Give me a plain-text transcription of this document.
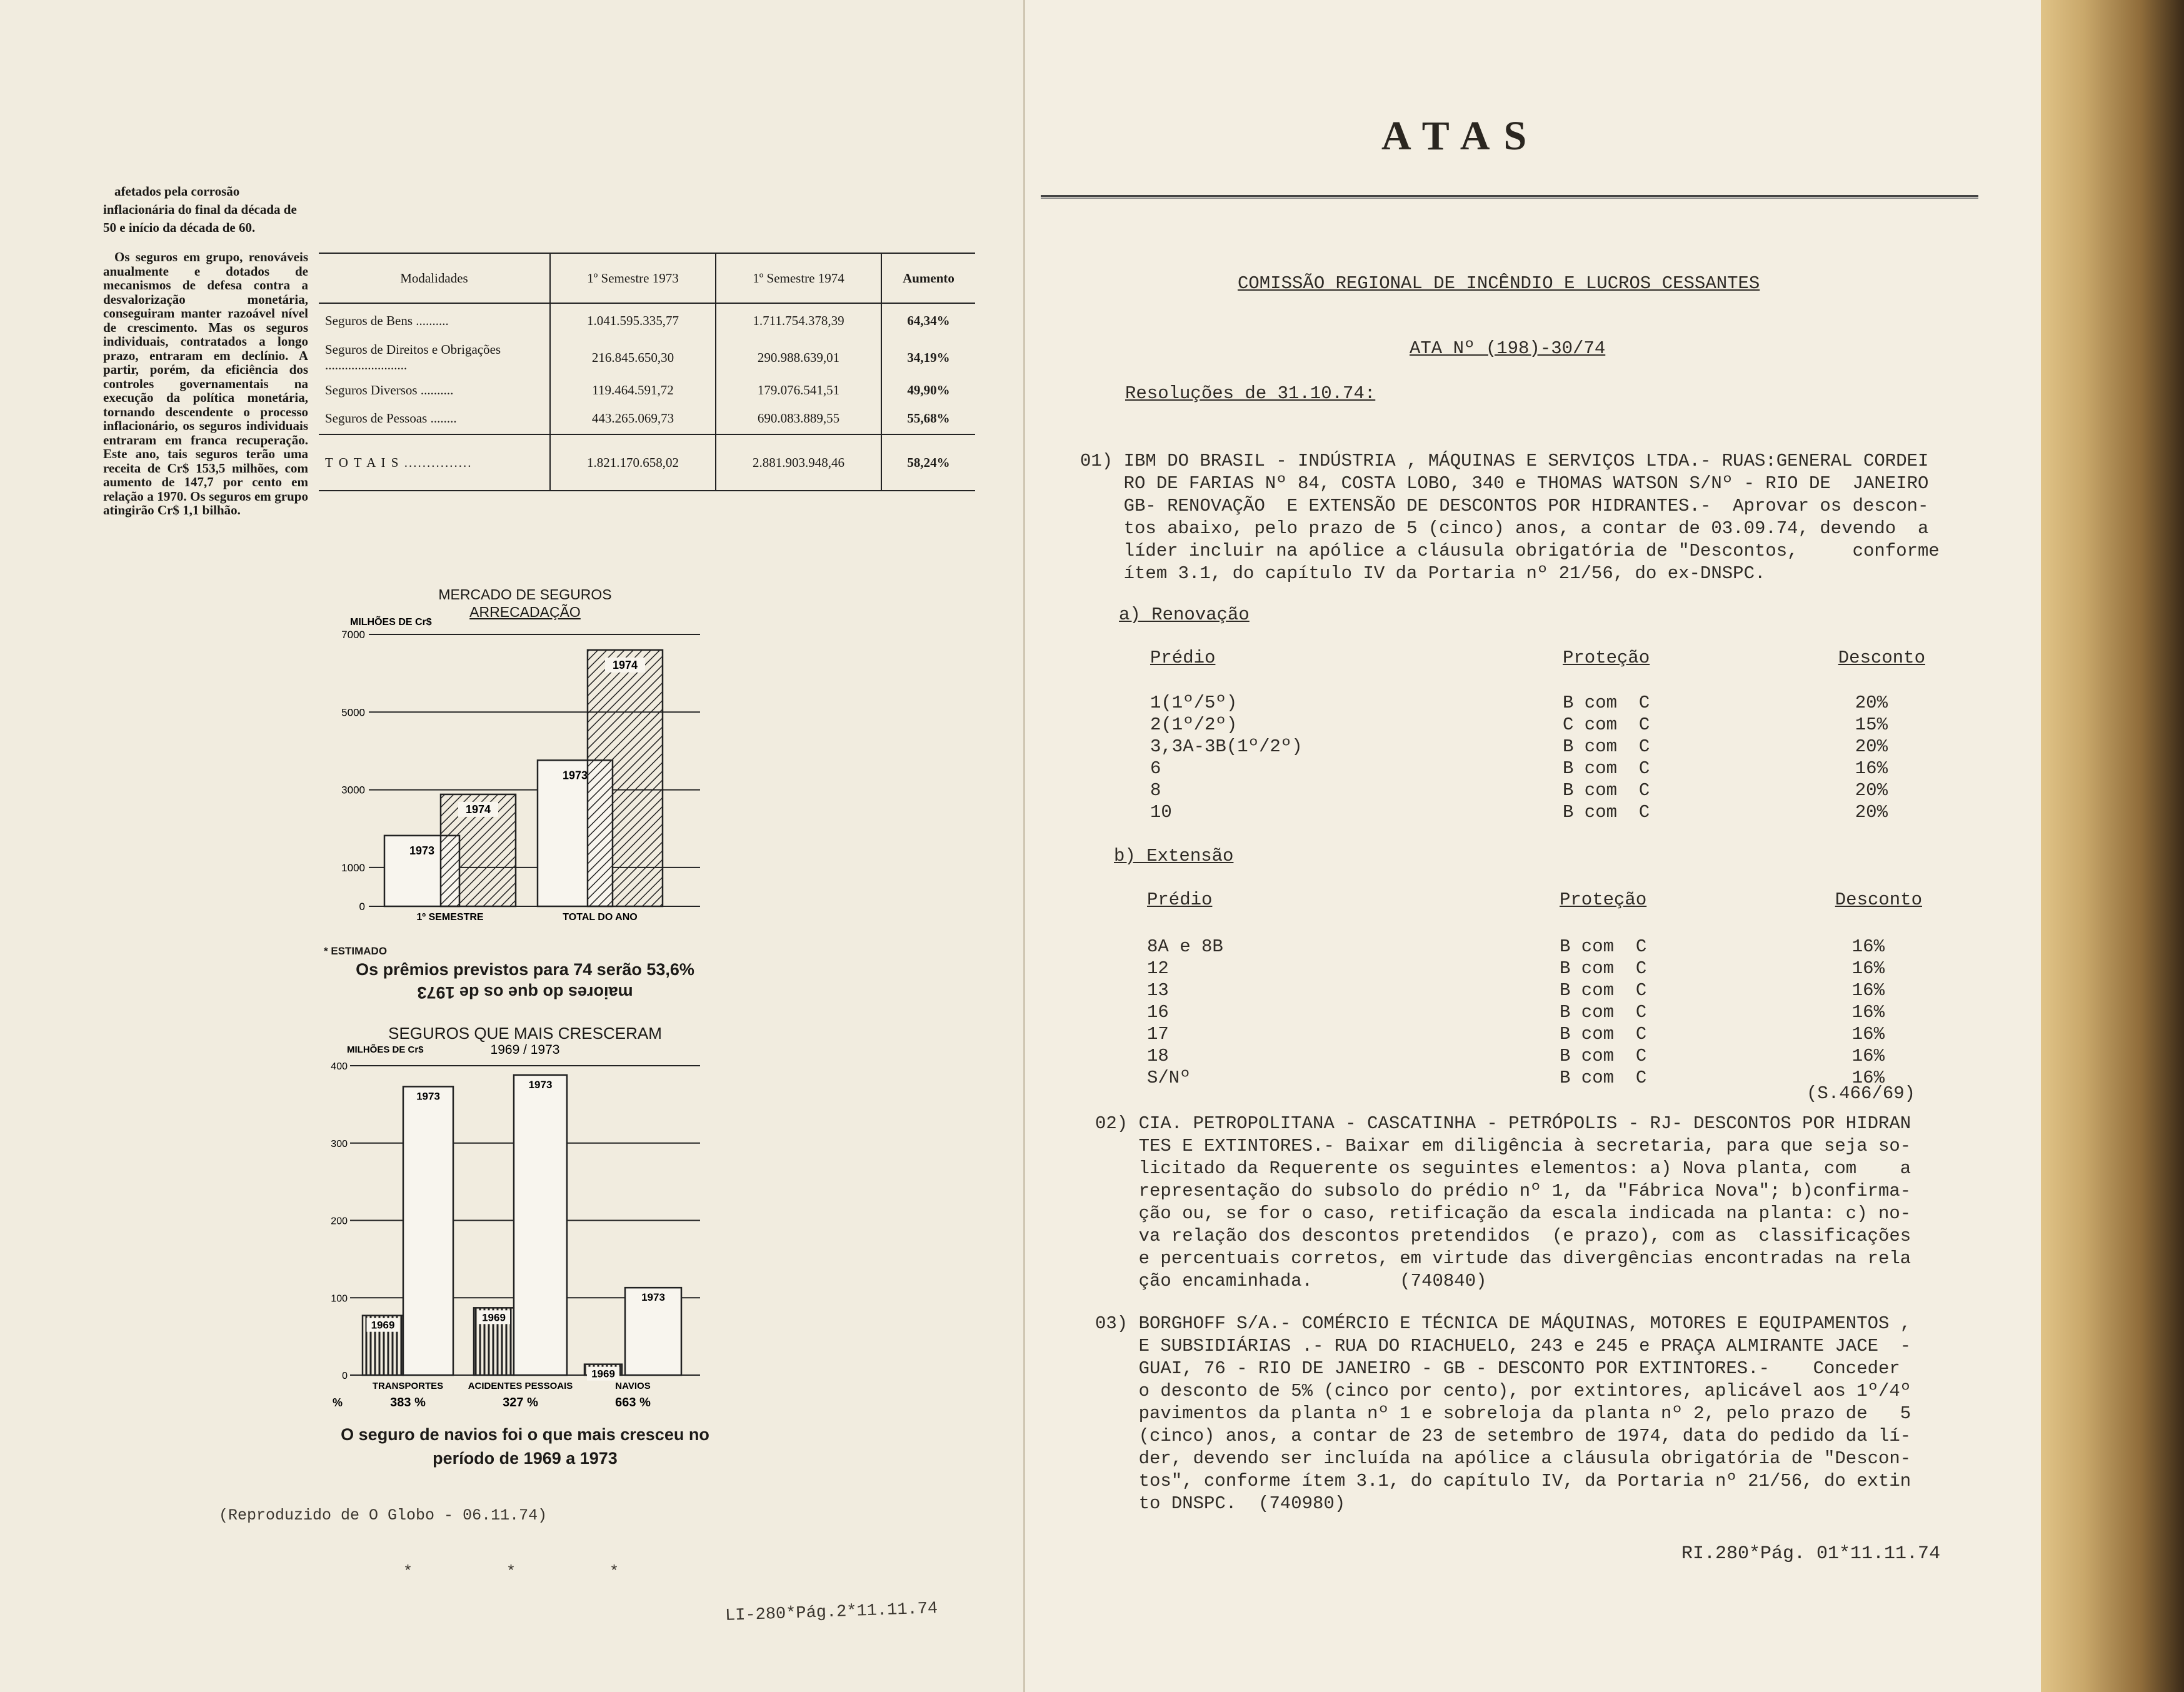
afetados pela corrosão inflacionária do final da década de 50 e início da década de 60.

Os seguros em grupo, renováveis anualmente e dotados de mecanismos de defesa contra a desvalorização monetária, conseguiram manter razoável nível de crescimento. Mas os seguros individuais, contratados a longo prazo, entraram em declínio. A partir, porém, da eficiência dos controles governamentais na execução da política monetária, tornando descendente o processo inflacionário, os seguros individuais entraram em franca recuperação. Este ano, tais seguros terão uma receita de Cr$ 153,5 milhões, com aumento de 147,7 por cento em relação a 1970. Os seguros em grupo atingirão Cr$ 1,1 bilhão.

Modalidades	1º Semestre 1973	1º Semestre 1974	Aumento
Seguros de Bens ..........	1.041.595.335,77	1.711.754.378,39	64,34%
Seguros de Direitos e Obrigações .........................	216.845.650,30	290.988.639,01	34,19%
Seguros Diversos ..........	119.464.591,72	179.076.541,51	49,90%
Seguros de Pessoas ........	443.265.069,73	690.083.889,55	55,68%
T O T A I S ...............	1.821.170.658,02	2.881.903.948,46	58,24%
MERCADO DE SEGUROS
ARRECADAÇÃO
MILHÕES DE Cr$
7000
5000
3000
1000
0
1973
1974
1º SEMESTRE
1973
1974
TOTAL DO ANO
* ESTIMADO
Os prêmios previstos para 74 serão 53,6%
maiores do que os de 1973
SEGUROS QUE MAIS CRESCERAM
1969 / 1973
MILHÕES DE Cr$
400
300
200
100
0
1969
1973
TRANSPORTES
383 %
1969
1973
ACIDENTES PESSOAIS
327 %
1969
1973
NAVIOS
663 %
%
O seguro de navios foi o que mais cresceu no
período de 1969 a 1973
(Reproduzido de O Globo - 06.11.74)
*          *          *
LI-280*Pág.2*11.11.74
ATAS
COMISSÃO REGIONAL DE INCÊNDIO E LUCROS CESSANTES
ATA Nº (198)-30/74
Resoluções de 31.10.74:
01) IBM DO BRASIL - INDÚSTRIA , MÁQUINAS E SERVIÇOS LTDA.- RUAS:GENERAL CORDEI
RO DE FARIAS Nº 84, COSTA LOBO, 340 e THOMAS WATSON S/Nº - RIO DE  JANEIRO
GB- RENOVAÇÃO  E EXTENSÃO DE DESCONTOS POR HIDRANTES.-  Aprovar os descon-
tos abaixo, pelo prazo de 5 (cinco) anos, a contar de 03.09.74, devendo  a
líder incluir na apólice a cláusula obrigatória de "Descontos,     conforme
ítem 3.1, do capítulo IV da Portaria nº 21/56, do ex-DNSPC.
a) Renovação
Prédio	Proteção	Desconto
1(1º/5º)	B com  C	20%
2(1º/2º)	C com  C	15%
3,3A-3B(1º/2º)	B com  C	20%
6	B com  C	16%
8	B com  C	20%
10	B com  C	20%
b) Extensão
Prédio	Proteção	Desconto
8A e 8B	B com  C	16%
12	B com  C	16%
13	B com  C	16%
16	B com  C	16%
17	B com  C	16%
18	B com  C	16%
S/Nº	B com  C	16%
(S.466/69)
02) CIA. PETROPOLITANA - CASCATINHA - PETRÓPOLIS - RJ- DESCONTOS POR HIDRAN
TES E EXTINTORES.- Baixar em diligência à secretaria, para que seja so-
licitado da Requerente os seguintes elementos: a) Nova planta, com    a
representação do subsolo do prédio nº 1, da "Fábrica Nova"; b)confirma-
ção ou, se for o caso, retificação da escala indicada na planta: c) no-
va relação dos descontos pretendidos  (e prazo), com as  classificações
e percentuais corretos, em virtude das divergências encontradas na rela
ção encaminhada.        (740840)
03) BORGHOFF S/A.- COMÉRCIO E TÉCNICA DE MÁQUINAS, MOTORES E EQUIPAMENTOS ,
E SUBSIDIÁRIAS .- RUA DO RIACHUELO, 243 e 245 e PRAÇA ALMIRANTE JACE  -
GUAI, 76 - RIO DE JANEIRO - GB - DESCONTO POR EXTINTORES.-    Conceder
o desconto de 5% (cinco por cento), por extintores, aplicável aos 1º/4º
pavimentos da planta nº 1 e sobreloja da planta nº 2, pelo prazo de   5
(cinco) anos, a contar de 23 de setembro de 1974, data do pedido da lí-
der, devendo ser incluída na apólice a cláusula obrigatória de "Descon-
tos", conforme ítem 3.1, do capítulo IV, da Portaria nº 21/56, do extin
to DNSPC.  (740980)
RI.280*Pág. 01*11.11.74
